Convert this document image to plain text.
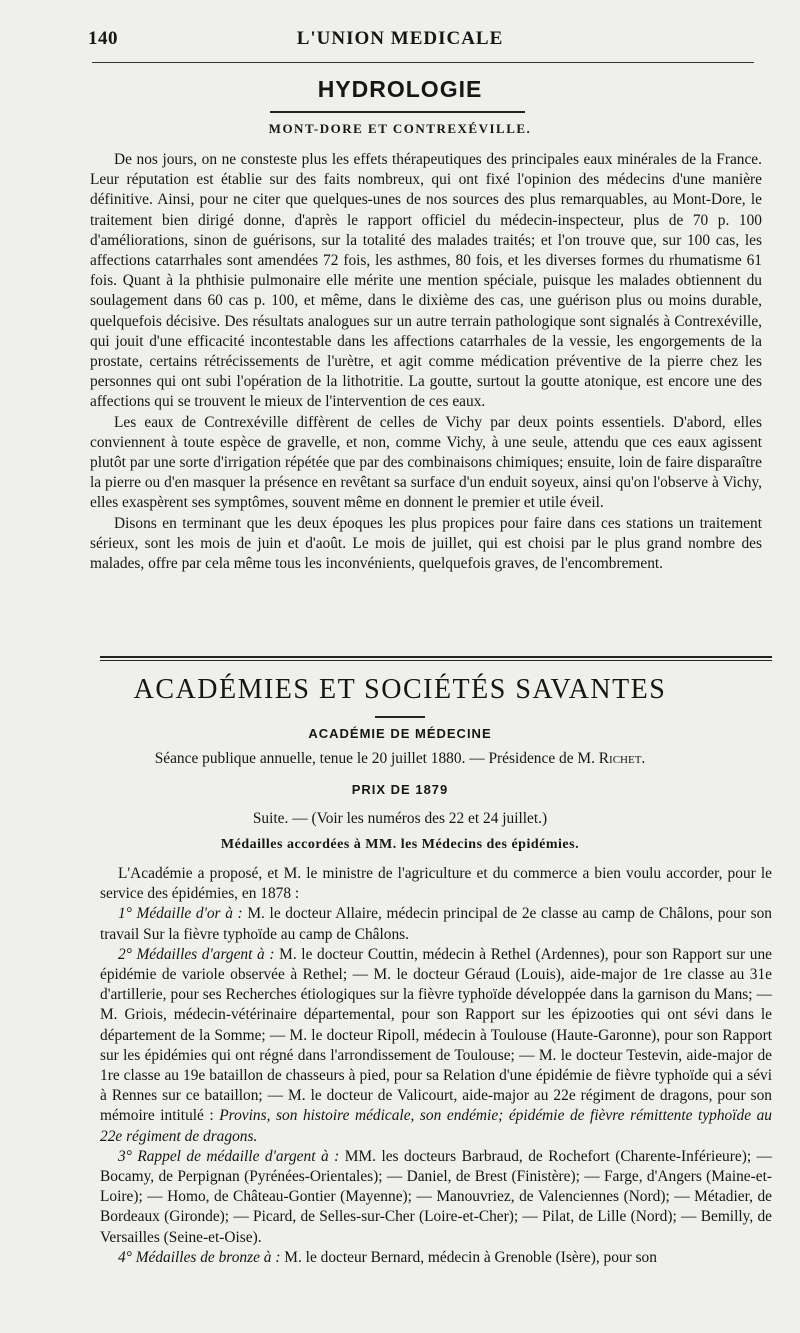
140	L'UNION MEDICALE
HYDROLOGIE
MONT-DORE ET CONTREXÉVILLE.

De nos jours, on ne consteste plus les effets thérapeutiques des principales eaux minérales de la France. Leur réputation est établie sur des faits nombreux, qui ont fixé l'opinion des médecins d'une manière définitive. Ainsi, pour ne citer que quelques-unes de nos sources des plus remarquables, au Mont-Dore, le traitement bien dirigé donne, d'après le rapport officiel du médecin-inspecteur, plus de 70 p. 100 d'améliorations, sinon de guérisons, sur la totalité des malades traités; et l'on trouve que, sur 100 cas, les affections catarrhales sont amendées 72 fois, les asthmes, 80 fois, et les diverses formes du rhumatisme 61 fois. Quant à la phthisie pulmonaire elle mérite une mention spéciale, puisque les malades obtiennent du soulagement dans 60 cas p. 100, et même, dans le dixième des cas, une guérison plus ou moins durable, quelquefois décisive. Des résultats analogues sur un autre terrain pathologique sont signalés à Contrexéville, qui jouit d'une efficacité incontestable dans les affections catarrhales de la vessie, les engorgements de la prostate, certains rétrécissements de l'urètre, et agit comme médication préventive de la pierre chez les personnes qui ont subi l'opération de la lithotritie. La goutte, surtout la goutte atonique, est encore une des affections qui se trouvent le mieux de l'intervention de ces eaux.

Les eaux de Contrexéville diffèrent de celles de Vichy par deux points essentiels. D'abord, elles conviennent à toute espèce de gravelle, et non, comme Vichy, à une seule, attendu que ces eaux agissent plutôt par une sorte d'irrigation répétée que par des combinaisons chimiques; ensuite, loin de faire disparaître la pierre ou d'en masquer la présence en revêtant sa surface d'un enduit soyeux, ainsi qu'on l'observe à Vichy, elles exaspèrent ses symptômes, souvent même en donnent le premier et utile éveil.

Disons en terminant que les deux époques les plus propices pour faire dans ces stations un traitement sérieux, sont les mois de juin et d'août. Le mois de juillet, qui est choisi par le plus grand nombre des malades, offre par cela même tous les inconvénients, quelquefois graves, de l'encombrement.

ACADÉMIES ET SOCIÉTÉS SAVANTES
ACADÉMIE DE MÉDECINE
Séance publique annuelle, tenue le 20 juillet 1880. — Présidence de M. Richet.
PRIX DE 1879
Suite. — (Voir les numéros des 22 et 24 juillet.)
Médailles accordées à MM. les Médecins des épidémies.

L'Académie a proposé, et M. le ministre de l'agriculture et du commerce a bien voulu accorder, pour le service des épidémies, en 1878 :

1° Médaille d'or à : M. le docteur Allaire, médecin principal de 2e classe au camp de Châlons, pour son travail Sur la fièvre typhoïde au camp de Châlons.

2° Médailles d'argent à : M. le docteur Couttin, médecin à Rethel (Ardennes), pour son Rapport sur une épidémie de variole observée à Rethel; — M. le docteur Géraud (Louis), aide-major de 1re classe au 31e d'artillerie, pour ses Recherches étiologiques sur la fièvre typhoïde développée dans la garnison du Mans; — M. Griois, médecin-vétérinaire départemental, pour son Rapport sur les épizooties qui ont sévi dans le département de la Somme; — M. le docteur Ripoll, médecin à Toulouse (Haute-Garonne), pour son Rapport sur les épidémies qui ont régné dans l'arrondissement de Toulouse; — M. le docteur Testevin, aide-major de 1re classe au 19e bataillon de chasseurs à pied, pour sa Relation d'une épidémie de fièvre typhoïde qui a sévi à Rennes sur ce bataillon; — M. le docteur de Valicourt, aide-major au 22e régiment de dragons, pour son mémoire intitulé : Provins, son histoire médicale, son endémie; épidémie de fièvre rémittente typhoïde au 22e régiment de dragons.

3° Rappel de médaille d'argent à : MM. les docteurs Barbraud, de Rochefort (Charente-Inférieure); — Bocamy, de Perpignan (Pyrénées-Orientales); — Daniel, de Brest (Finistère); — Farge, d'Angers (Maine-et-Loire); — Homo, de Château-Gontier (Mayenne); — Manouvriez, de Valenciennes (Nord); — Métadier, de Bordeaux (Gironde); — Picard, de Selles-sur-Cher (Loire-et-Cher); — Pilat, de Lille (Nord); — Bemilly, de Versailles (Seine-et-Oise).

4° Médailles de bronze à : M. le docteur Bernard, médecin à Grenoble (Isère), pour son
